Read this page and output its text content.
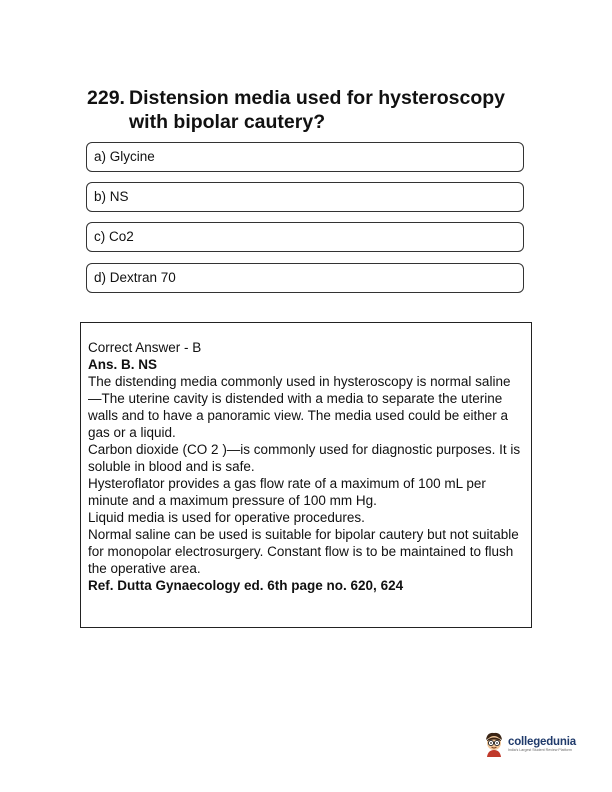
229. Distension media used for hysteroscopy with bipolar cautery?
a) Glycine
b) NS
c) Co2
d) Dextran 70
Correct Answer - B
Ans. B. NS
The distending media commonly used in hysteroscopy is normal saline
—The uterine cavity is distended with a media to separate the uterine walls and to have a panoramic view. The media used could be either a gas or a liquid.
Carbon dioxide (CO 2 )—is commonly used for diagnostic purposes. It is soluble in blood and is safe.
Hysteroflator provides a gas flow rate of a maximum of 100 mL per minute and a maximum pressure of 100 mm Hg.
Liquid media is used for operative procedures.
Normal saline can be used is suitable for bipolar cautery but not suitable for monopolar electrosurgery. Constant flow is to be maintained to flush the operative area.
Ref. Dutta Gynaecology ed. 6th page no. 620, 624
collegedunia
India's Largest Student Review Platform
